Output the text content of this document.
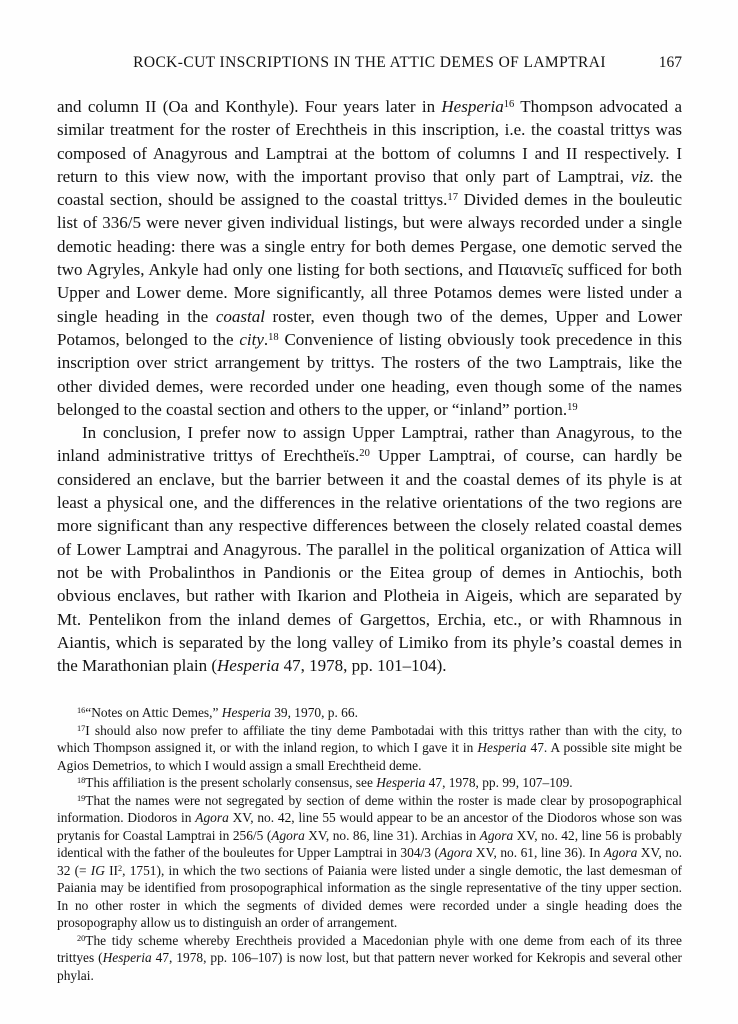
ROCK-CUT INSCRIPTIONS IN THE ATTIC DEMES OF LAMPTRAI	167

and column II (Oa and Konthyle). Four years later in Hesperia$^{16}$ Thompson advocated a similar treatment for the roster of Erechtheis in this inscription, i.e. the coastal trittys was composed of Anagyrous and Lamptrai at the bottom of columns I and II respectively. I return to this view now, with the important proviso that only part of Lamptrai, viz. the coastal section, should be assigned to the coastal trittys.$^{17}$ Divided demes in the bouleutic list of 336/5 were never given individual listings, but were always recorded under a single demotic heading: there was a single entry for both demes Pergase, one demotic served the two Agryles, Ankyle had only one listing for both sections, and Παιανιεῖς sufficed for both Upper and Lower deme. More significantly, all three Potamos demes were listed under a single heading in the coastal roster, even though two of the demes, Upper and Lower Potamos, belonged to the city.$^{18}$ Convenience of listing obviously took precedence in this inscription over strict arrangement by trittys. The rosters of the two Lamptrais, like the other divided demes, were recorded under one heading, even though some of the names belonged to the coastal section and others to the upper, or “inland” portion.$^{19}$

In conclusion, I prefer now to assign Upper Lamptrai, rather than Anagyrous, to the inland administrative trittys of Erechtheïs.$^{20}$ Upper Lamptrai, of course, can hardly be considered an enclave, but the barrier between it and the coastal demes of its phyle is at least a physical one, and the differences in the relative orientations of the two regions are more significant than any respective differences between the closely related coastal demes of Lower Lamptrai and Anagyrous. The parallel in the political organization of Attica will not be with Probalinthos in Pandionis or the Eitea group of demes in Antiochis, both obvious enclaves, but rather with Ikarion and Plotheia in Aigeis, which are separated by Mt. Pentelikon from the inland demes of Gargettos, Erchia, etc., or with Rhamnous in Aiantis, which is separated by the long valley of Limiko from its phyle’s coastal demes in the Marathonian plain (Hesperia 47, 1978, pp. 101–104).

$^{16}$“Notes on Attic Demes,” Hesperia 39, 1970, p. 66.

$^{17}$I should also now prefer to affiliate the tiny deme Pambotadai with this trittys rather than with the city, to which Thompson assigned it, or with the inland region, to which I gave it in Hesperia 47. A possible site might be Agios Demetrios, to which I would assign a small Erechtheid deme.

$^{18}$This affiliation is the present scholarly consensus, see Hesperia 47, 1978, pp. 99, 107–109.

$^{19}$That the names were not segregated by section of deme within the roster is made clear by prosopographical information. Diodoros in Agora XV, no. 42, line 55 would appear to be an ancestor of the Diodoros whose son was prytanis for Coastal Lamptrai in 256/5 (Agora XV, no. 86, line 31). Archias in Agora XV, no. 42, line 56 is probably identical with the father of the bouleutes for Upper Lamptrai in 304/3 (Agora XV, no. 61, line 36). In Agora XV, no. 32 (= IG $II^2$, 1751), in which the two sections of Paiania were listed under a single demotic, the last demesman of Paiania may be identified from prosopographical information as the single representative of the tiny upper section. In no other roster in which the segments of divided demes were recorded under a single heading does the prosopography allow us to distinguish an order of arrangement.

$^{20}$The tidy scheme whereby Erechtheis provided a Macedonian phyle with one deme from each of its three trittyes (Hesperia 47, 1978, pp. 106–107) is now lost, but that pattern never worked for Kekropis and several other phylai.
